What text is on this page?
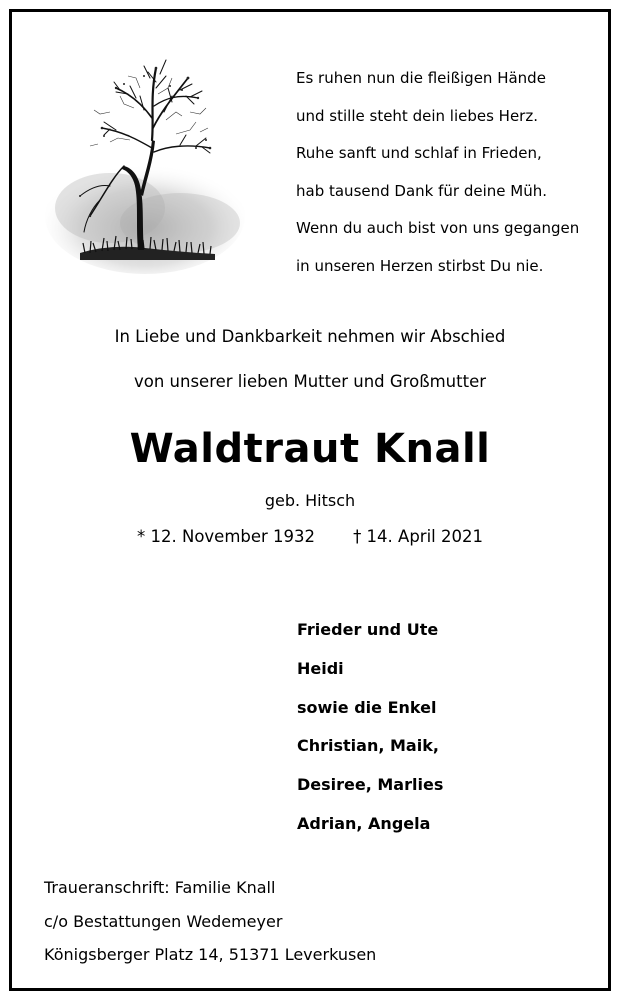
Es ruhen nun die fleißigen Hände
und stille steht dein liebes Herz.
Ruhe sanft und schlaf in Frieden,
hab tausend Dank für deine Müh.
Wenn du auch bist von uns gegangen
in unseren Herzen stirbst Du nie.
In Liebe und Dankbarkeit nehmen wir Abschied
von unserer lieben Mutter und Großmutter
Waldtraut Knall
geb. Hitsch
* 12. November 1932 † 14. April 2021
Frieder und Ute
Heidi
sowie die Enkel
Christian, Maik,
Desiree, Marlies
Adrian, Angela
Traueranschrift: Familie Knall
c/o Bestattungen Wedemeyer
Königsberger Platz 14, 51371 Leverkusen
